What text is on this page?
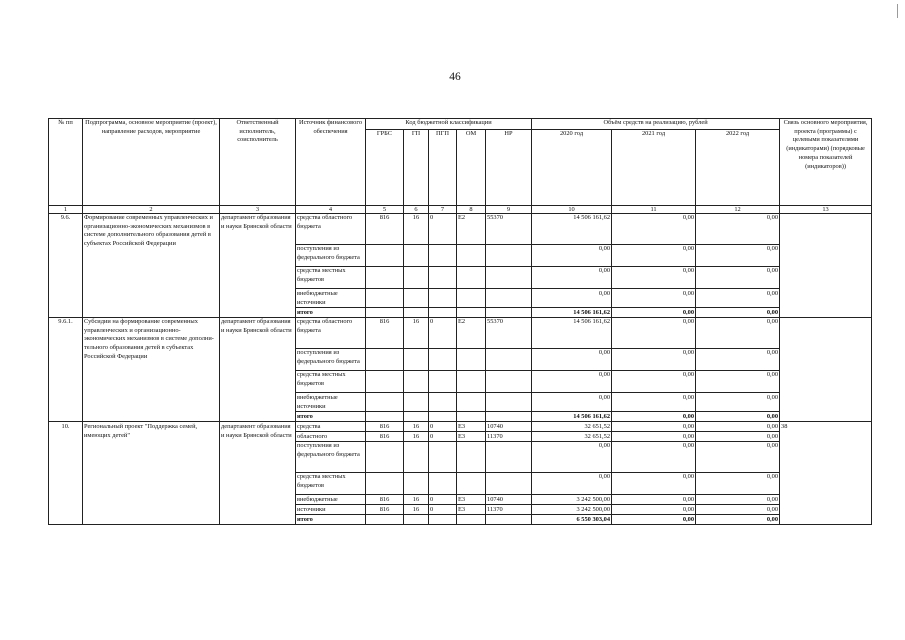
46
№ пп	Подпрограмма, основное мероприятие (проект), направление расходов, мероприятие	Ответственный исполнитель, соисполнитель	Источник финансового обеспечения	Код бюджетной классификации					Объём средств на реализацию, рублей			Связь основного мероприятия, проекта (программы) с целевыми показателями (индикаторами) (порядковые номера показателей (индикаторов))
				ГРБС	ГП	ПГП	ОМ	НР	2020 год	2021 год	2022 год	
1	2	3	4	5	6	7	8	9	10	11	12	13
9.6.	Формирование современных управленческих и организационно-экономических механизмов в системе дополнительного образования детей в субъектах Российской Федерации	департамент образования и науки Брянской области	средства областного бюджета	816	16	0	Е2	55370	14 506 161,62	0,00	0,00	
			поступления из федерального бюджета						0,00	0,00	0,00	
			средства местных бюджетов						0,00	0,00	0,00	
			внебюджетные источники						0,00	0,00	0,00	
			итого						14 506 161,62	0,00	0,00	
9.6.1.	Субсидии на формирование современных управленческих и организационно-экономических механизмов в системе дополни-тельного образования детей в субъектах Российской Федерации	департамент образования и науки Брянской области	средства областного бюджета	816	16	0	Е2	55370	14 506 161,62	0,00	0,00	
			поступления из федерального бюджета						0,00	0,00	0,00	
			средства местных бюджетов						0,00	0,00	0,00	
			внебюджетные источники						0,00	0,00	0,00	
			итого						14 506 161,62	0,00	0,00	
10.	Региональный проект "Поддержка семей, имеющих детей"	департамент образования и науки Брянской области	средства	816	16	0	Е3	10740	32 651,52	0,00	0,00	38
			областного	816	16	0	Е3	11370	32 651,52	0,00	0,00	
			поступления из федерального бюджета						0,00	0,00	0,00	
			средства местных бюджетов						0,00	0,00	0,00	
			внебюджетные	816	16	0	Е3	10740	3 242 500,00	0,00	0,00	
			источники	816	16	0	Е3	11370	3 242 500,00	0,00	0,00	
			итого						6 550 303,04	0,00	0,00	
